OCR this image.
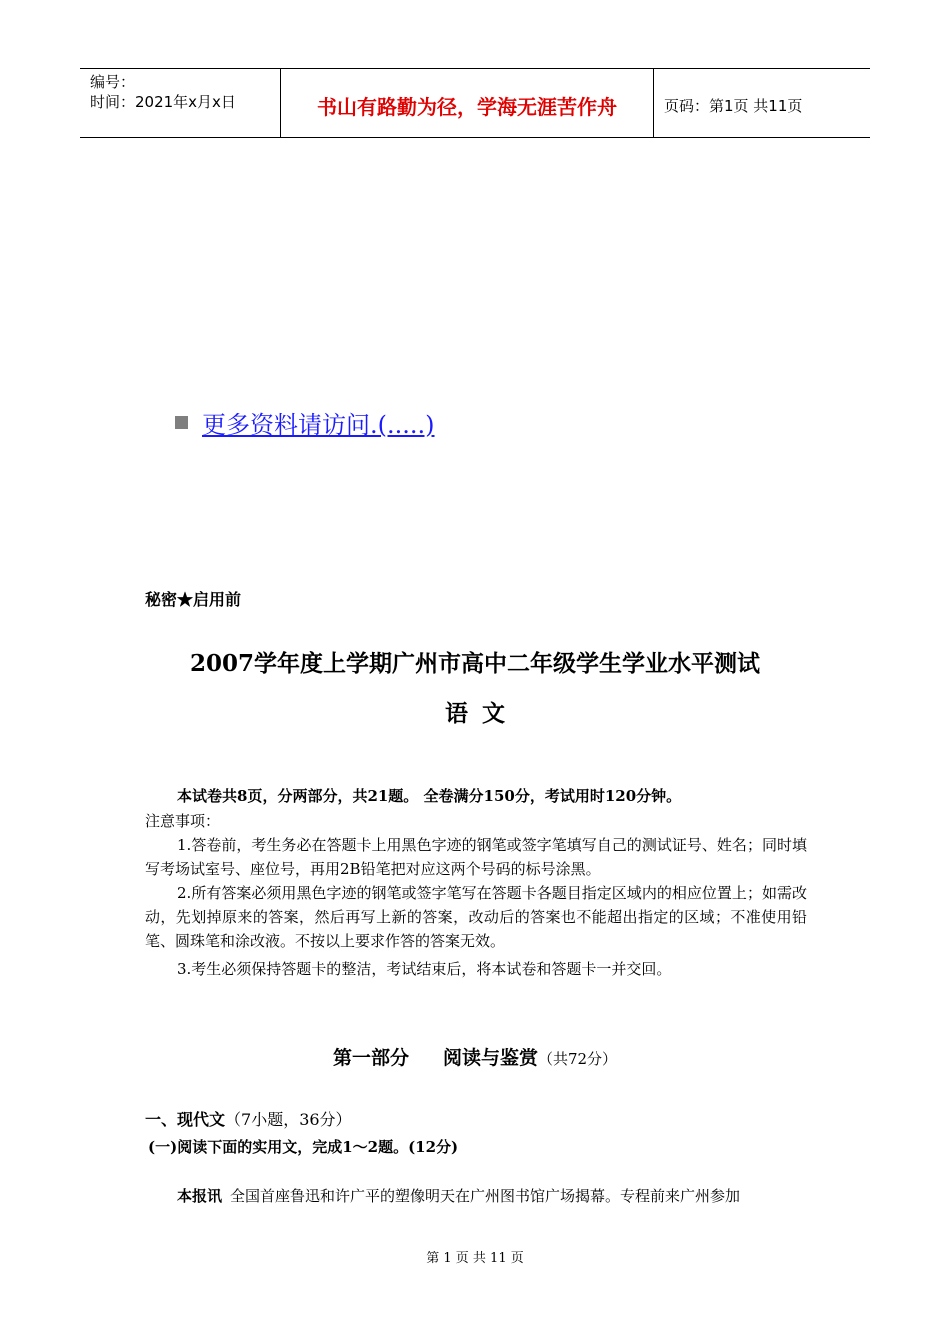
编号：
时间：2021年x月x日	书山有路勤为径，学海无涯苦作舟	页码：第1页 共11页
更多资料请访问.(.....)
秘密★启用前
2007学年度上学期广州市高中二年级学生学业水平测试
语文
本试卷共8页，分两部分，共21题。 全卷满分150分，考试用时120分钟。
注意事项：
1.答卷前，考生务必在答题卡上用黑色字迹的钢笔或签字笔填写自己的测试证号、姓名；同时填写考场试室号、座位号，再用2B铅笔把对应这两个号码的标号涂黑。
2.所有答案必须用黑色字迹的钢笔或签字笔写在答题卡各题目指定区域内的相应位置上；如需改动，先划掉原来的答案，然后再写上新的答案，改动后的答案也不能超出指定的区域；不准使用铅笔、圆珠笔和涂改液。不按以上要求作答的答案无效。
3.考生必须保持答题卡的整洁，考试结束后，将本试卷和答题卡一并交回。
第一部分 阅读与鉴赏（共72分）
一、现代文（7小题，36分）
(一)阅读下面的实用文，完成1～2题。(12分)
本报讯 全国首座鲁迅和许广平的塑像明天在广州图书馆广场揭幕。专程前来广州参加
第 1 页 共 11 页
